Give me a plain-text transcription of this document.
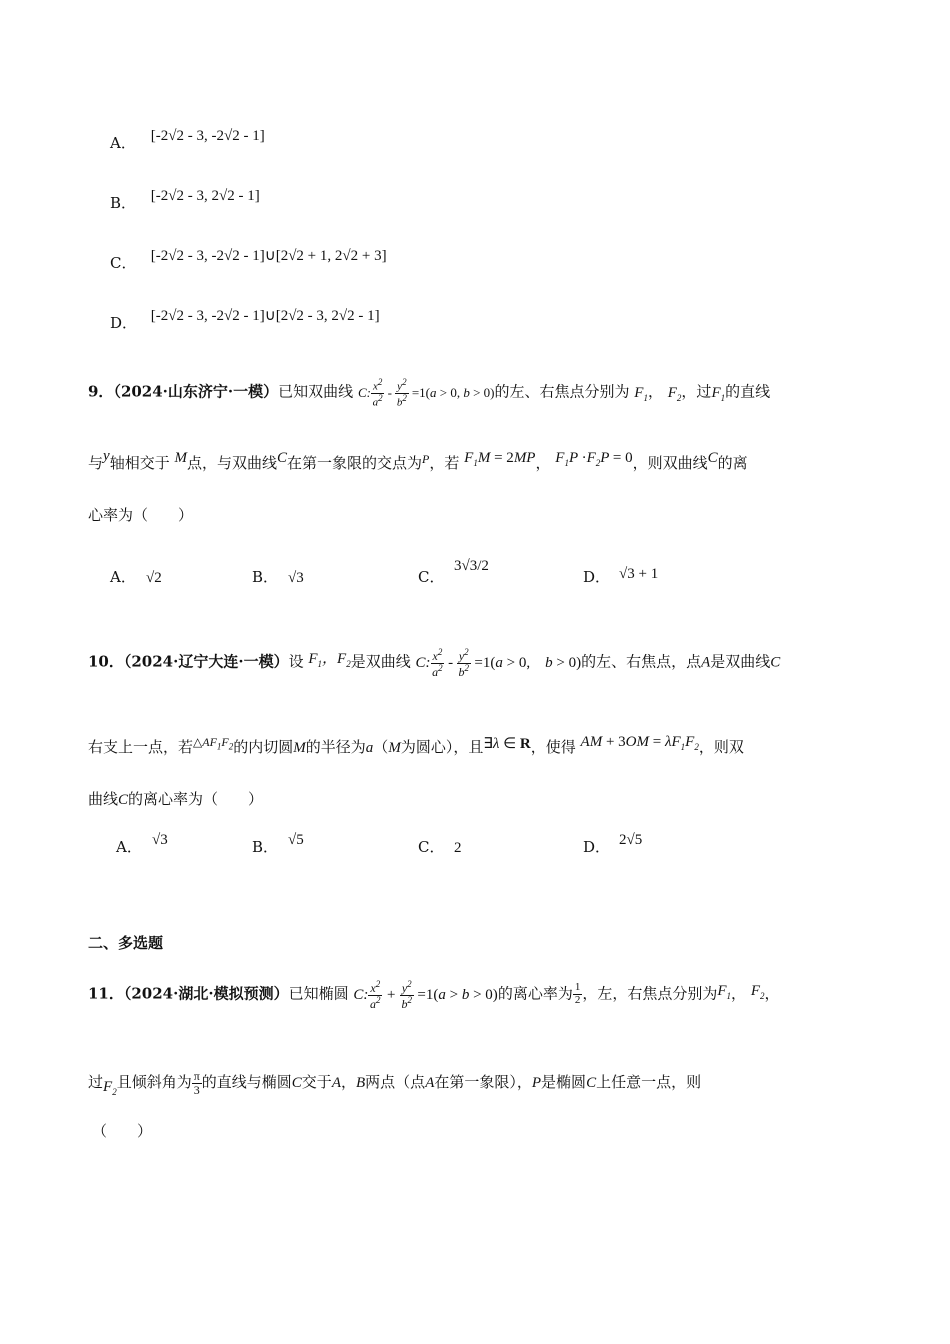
A． [-2√2 - 3, -2√2 - 1]
B． [-2√2 - 3, 2√2 - 1]
C． [-2√2 - 3, -2√2 - 1]∪[2√2 + 1, 2√2 + 3]
D． [-2√2 - 3, -2√2 - 1]∪[2√2 - 3, 2√2 - 1]
9．（2024·山东济宁·一模）已知双曲线 C: $\frac{x^2}{a^2} - \frac{y^2}{b^2} =1(a > 0$, b > 0)的左、右焦点分别为 $F_1$， $F_2$，过$F_1$的直线
与y轴相交于 M点，与双曲线C在第一象限的交点为$^P$，若 $F_1M = 2MP$， $F_1P \cdot F_2P = 0$，则双曲线C的离
心率为（　　）
A． √2	B． √3	C．3√3/2
D． √3 + 1
10．（2024·辽宁大连·一模）设 $F_1$，$F_2$是双曲线 C: $\frac{x^2}{a^2} - \frac{y^2}{b^2} =1(a > 0$,　b > 0)的左、右焦点，点A是双曲线C
右支上一点，若$^{\triangle AF_1F_2}$的内切圆M的半径为a（M为圆心），且∃λ ∈ R，使得 AM + $3OM = \lambda F_1F_2$，则双
曲线C的离心率为（　　）
A． √3	B． √5	C． 2	D． 2√5
二、多选题
11．（2024·湖北·模拟预测）已知椭圆 C: $\frac{x^2}{a^2} + \frac{y^2}{b^2} =1(a > b > 0)$的离心率为 $\frac{1}{2}$ ，左，右焦点分别为$F_1$， $F_2$，
过$F_2$且倾斜角为 $\frac{\pi}{3}$ 的直线与椭圆C交于A，B两点（点A在第一象限），P是椭圆C上任意一点，则
（　　）
